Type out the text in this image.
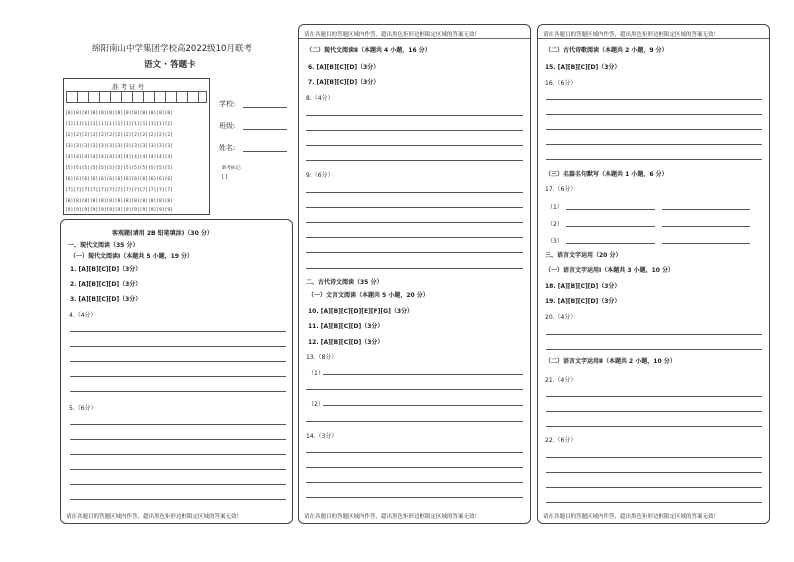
绵阳南山中学集团学校高2022级10月联考
语文 · 答题卡
准 考 证 号
[0][0][0][0][0][0][0][0][0][0][0][0][0]
[1][1][1][1][1][1][1][1][1][1][1][1][1]
[2][2][2][2][2][2][2][2][2][2][2][2][2]
[3][3][3][3][3][3][3][3][3][3][3][3][3]
[4][4][4][4][4][4][4][4][4][4][4][4][4]
[5][5][5][5][5][5][5][5][5][5][5][5][5]
[6][6][6][6][6][6][6][6][6][6][6][6][6]
[7][7][7][7][7][7][7][7][7][7][7][7][7]
[8][8][8][8][8][8][8][8][8][8][8][8][8]
[9][9][9][9][9][9][9][9][9][9][9][9][9]
学校:
班级:
姓名:
缺考标记:
[ ]
客观题(请用 2B 铅笔填涂)（30 分）
一、现代文阅读（35 分）
（一）现代文阅读Ⅰ（本题共 5 小题，19 分）
1. [A][B][C][D]（3分）
2. [A][B][C][D]（3分）
3. [A][B][C][D]（3分）
4.（4分）
5.（6分）
请在各题目的答题区域内作答，超出黑色矩形边框限定区域的答案无效！
请在各题目的答题区域内作答，超出黑色矩形边框限定区域的答案无效！
（二）现代文阅读Ⅱ（本题共 4 小题，16 分）
6. [A][B][C][D]（3分）
7. [A][B][C][D]（3分）
8.（4分）
9.（6分）
二、古代诗文阅读（35 分）
（一）文言文阅读（本题共 5 小题，20 分）
10. [A][B][C][D][E][F][G]（3分）
11. [A][B][C][D]（3分）
12. [A][B][C][D]（3分）
13.（8分）
（1）
（2）
14.（3分）
请在各题目的答题区域内作答，超出黑色矩形边框限定区域的答案无效！
请在各题目的答题区域内作答，超出黑色矩形边框限定区域的答案无效！
（二）古代诗歌阅读（本题共 2 小题，9 分）
15. [A][B][C][D]（3分）
16.（6分）
（三）名篇名句默写（本题共 1 小题，6 分）
17.（6分）
（1）
（2）
（3）
三、语言文字运用（20 分）
（一）语言文字运用Ⅰ（本题共 3 小题，10 分）
18. [A][B][C][D]（3分）
19. [A][B][C][D]（3分）
20.（4分）
（二）语言文字运用Ⅱ（本题共 2 小题，10 分）
21.（4分）
22.（6分）
请在各题目的答题区域内作答，超出黑色矩形边框限定区域的答案无效！
